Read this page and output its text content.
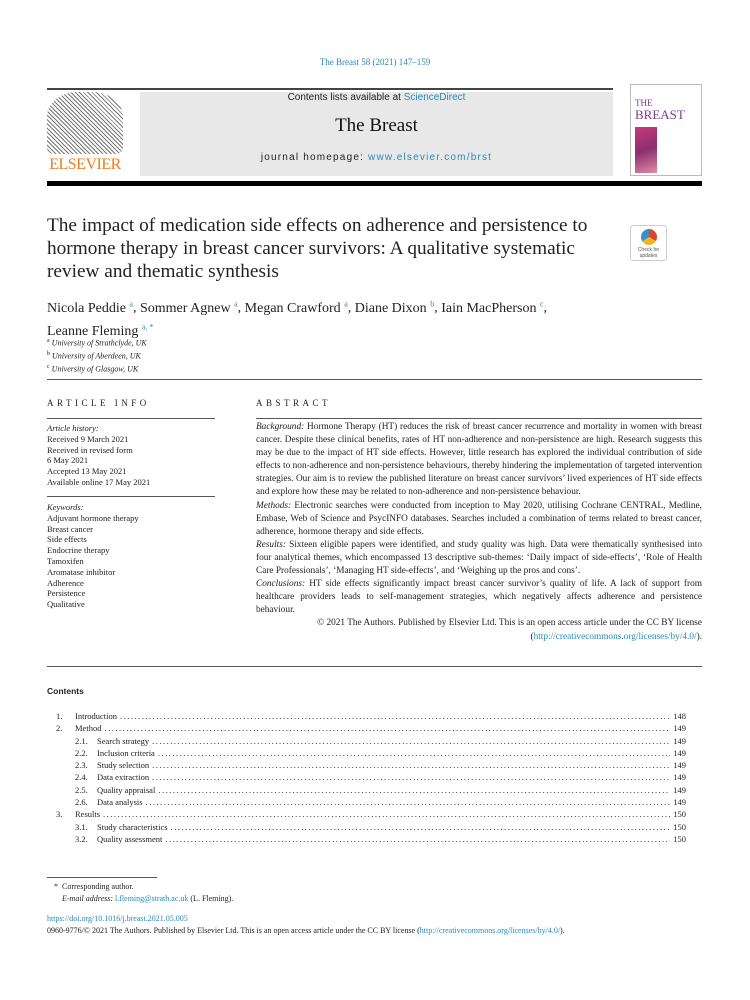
The Breast 58 (2021) 147–159
ELSEVIER
Contents lists available at ScienceDirect
The Breast
journal homepage: www.elsevier.com/brst
THE
BREAST
The impact of medication side effects on adherence and persistence to hormone therapy in breast cancer survivors: A qualitative systematic review and thematic synthesis
Check for updates
Nicola Peddie $^a$, Sommer Agnew $^a$, Megan Crawford $^a$, Diane Dixon $^b$, Iain MacPherson $^c$,
Leanne Fleming $^{a, *}$
$^a$ University of Strathclyde, UK
$^b$ University of Aberdeen, UK
$^c$ University of Glasgow, UK
ARTICLE INFO	ABSTRACT
Article history:
Received 9 March 2021
Received in revised form
6 May 2021
Accepted 13 May 2021
Available online 17 May 2021
Keywords:
Adjuvant hormone therapy
Breast cancer
Side effects
Endocrine therapy
Tamoxifen
Aromatase inhibitor
Adherence
Persistence
Qualitative
Background: Hormone Therapy (HT) reduces the risk of breast cancer recurrence and mortality in women with breast cancer. Despite these clinical benefits, rates of HT non-adherence and non-persistence are high. Research suggests this may be due to the impact of HT side effects. However, little research has explored the individual contribution of side effects to non-adherence and non-persistence behaviours, thereby hindering the implementation of targeted intervention strategies. Our aim is to review the published literature on breast cancer survivors’ lived experiences of HT side effects and explore how these may be related to non-adherence and non-persistence behaviour.
Methods: Electronic searches were conducted from inception to May 2020, utilising Cochrane CENTRAL, Medline, Embase, Web of Science and PsycINFO databases. Searches included a combination of terms related to breast cancer, adherence, hormone therapy and side effects.
Results: Sixteen eligible papers were identified, and study quality was high. Data were thematically synthesised into four analytical themes, which encompassed 13 descriptive sub-themes: ‘Daily impact of side-effects’, ‘Role of Health Care Professionals’, ‘Managing HT side-effects’, and ‘Weighing up the pros and cons’.
Conclusions: HT side effects significantly impact breast cancer survivor’s quality of life. A lack of support from healthcare providers leads to self-management strategies, which negatively affects adherence and persistence behaviour.
© 2021 The Authors. Published by Elsevier Ltd. This is an open access article under the CC BY license
(http://creativecommons.org/licenses/by/4.0/).
Contents
1.	Introduction .....	148
2.	Method .....	149
2.1.	Search strategy .....	149
2.2.	Inclusion criteria .....	149
2.3.	Study selection .....	149
2.4.	Data extraction .....	149
2.5.	Quality appraisal .....	149
2.6.	Data analysis .....	149
3.	Results .....	150
3.1.	Study characteristics .....	150
3.2.	Quality assessment .....	150
* Corresponding author.
E-mail address: l.fleming@strath.ac.uk (L. Fleming).
https://doi.org/10.1016/j.breast.2021.05.005
0960-9776/© 2021 The Authors. Published by Elsevier Ltd. This is an open access article under the CC BY license (http://creativecommons.org/licenses/by/4.0/).
